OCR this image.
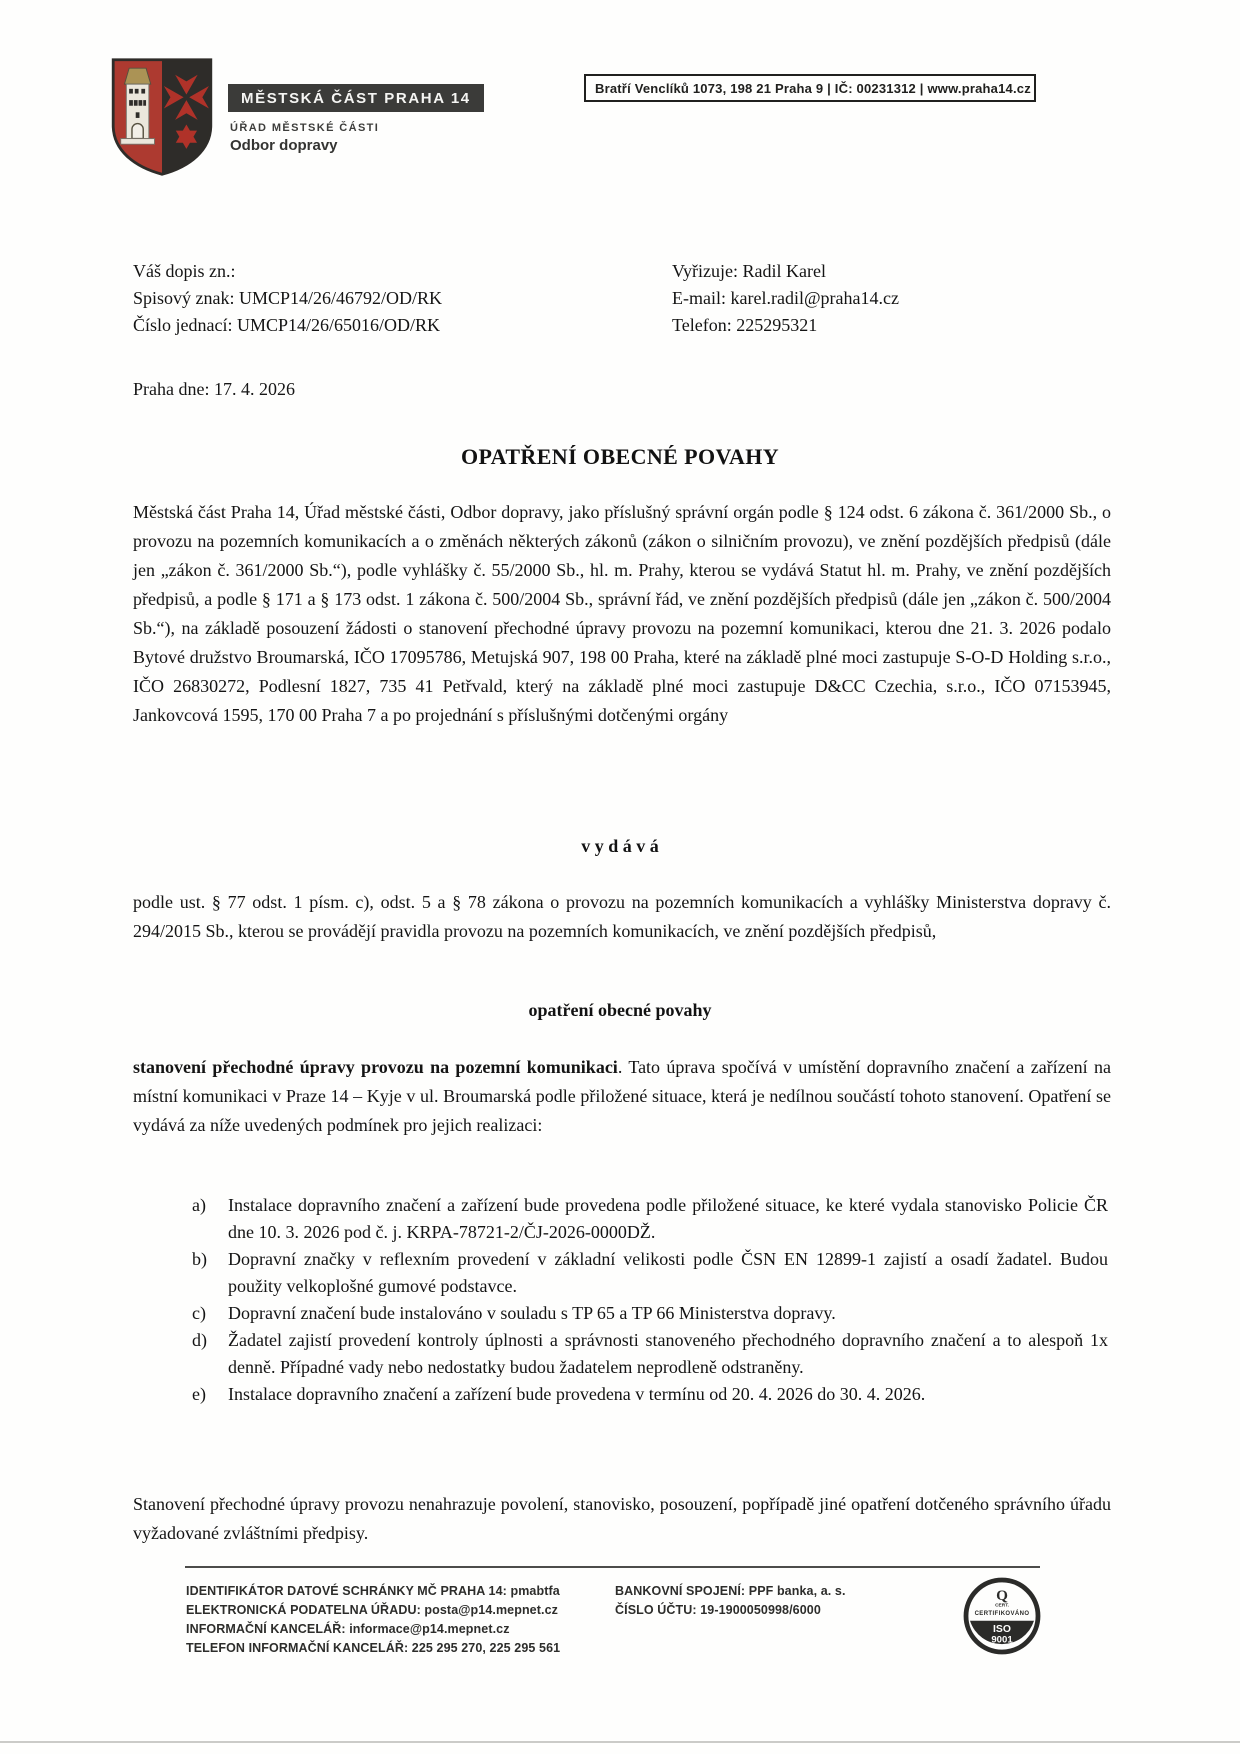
MĚSTSKÁ ČÁST PRAHA 14
ÚŘAD MĚSTSKÉ ČÁSTI
Odbor dopravy
Bratří Venclíků 1073, 198 21 Praha 9 | IČ: 00231312 | www.praha14.cz
Váš dopis zn.:
Spisový znak: UMCP14/26/46792/OD/RK
Číslo jednací: UMCP14/26/65016/OD/RK
Vyřizuje: Radil Karel
E-mail: karel.radil@praha14.cz
Telefon: 225295321
Praha dne: 17. 4. 2026
OPATŘENÍ OBECNÉ POVAHY
Městská část Praha 14, Úřad městské části, Odbor dopravy, jako příslušný správní orgán podle § 124 odst. 6 zákona č. 361/2000 Sb., o provozu na pozemních komunikacích a o změnách některých zákonů (zákon o silničním provozu), ve znění pozdějších předpisů (dále jen „zákon č. 361/2000 Sb.“), podle vyhlášky č. 55/2000 Sb., hl. m. Prahy, kterou se vydává Statut hl. m. Prahy, ve znění pozdějších předpisů, a podle § 171 a § 173 odst. 1 zákona č. 500/2004 Sb., správní řád, ve znění pozdějších předpisů (dále jen „zákon č. 500/2004 Sb.“), na základě posouzení žádosti o stanovení přechodné úpravy provozu na pozemní komunikaci, kterou dne 21. 3. 2026 podalo Bytové družstvo Broumarská, IČO 17095786, Metujská 907, 198 00 Praha, které na základě plné moci zastupuje S-O-D Holding s.r.o., IČO 26830272, Podlesní 1827, 735 41 Petřvald, který na základě plné moci zastupuje D&CC Czechia, s.r.o., IČO 07153945, Jankovcová 1595, 170 00 Praha 7 a po projednání s příslušnými dotčenými orgány
v y d á v á
podle ust. § 77 odst. 1 písm. c), odst. 5 a § 78 zákona o provozu na pozemních komunikacích a vyhlášky Ministerstva dopravy č. 294/2015 Sb., kterou se provádějí pravidla provozu na pozemních komunikacích, ve znění pozdějších předpisů,
opatření obecné povahy
stanovení přechodné úpravy provozu na pozemní komunikaci. Tato úprava spočívá v umístění dopravního značení a zařízení na místní komunikaci v Praze 14 – Kyje v ul. Broumarská podle přiložené situace, která je nedílnou součástí tohoto stanovení. Opatření se vydává za níže uvedených podmínek pro jejich realizaci:
a)	Instalace dopravního značení a zařízení bude provedena podle přiložené situace, ke které vydala stanovisko Policie ČR dne 10. 3. 2026 pod č. j. KRPA-78721-2/ČJ-2026-0000DŽ.
b)	Dopravní značky v reflexním provedení v základní velikosti podle ČSN EN 12899-1 zajistí a osadí žadatel. Budou použity velkoplošné gumové podstavce.
c)	Dopravní značení bude instalováno v souladu s TP 65 a TP 66 Ministerstva dopravy.
d)	Žadatel zajistí provedení kontroly úplnosti a správnosti stanoveného přechodného dopravního značení a to alespoň 1x denně. Případné vady nebo nedostatky budou žadatelem neprodleně odstraněny.
e)	Instalace dopravního značení a zařízení bude provedena v termínu od 20. 4. 2026 do 30. 4. 2026.
Stanovení přechodné úpravy provozu nenahrazuje povolení, stanovisko, posouzení, popřípadě jiné opatření dotčeného správního úřadu vyžadované zvláštními předpisy.
IDENTIFIKÁTOR DATOVÉ SCHRÁNKY MČ PRAHA 14: pmabtfa
ELEKTRONICKÁ PODATELNA ÚŘADU: posta@p14.mepnet.cz
INFORMAČNÍ KANCELÁŘ: informace@p14.mepnet.cz
TELEFON INFORMAČNÍ KANCELÁŘ: 225 295 270, 225 295 561
BANKOVNÍ SPOJENÍ: PPF banka, a. s.
ČÍSLO ÚČTU: 19-1900050998/6000
Q
CERT.
CERTIFIKOVÁNO
ISO
9001
